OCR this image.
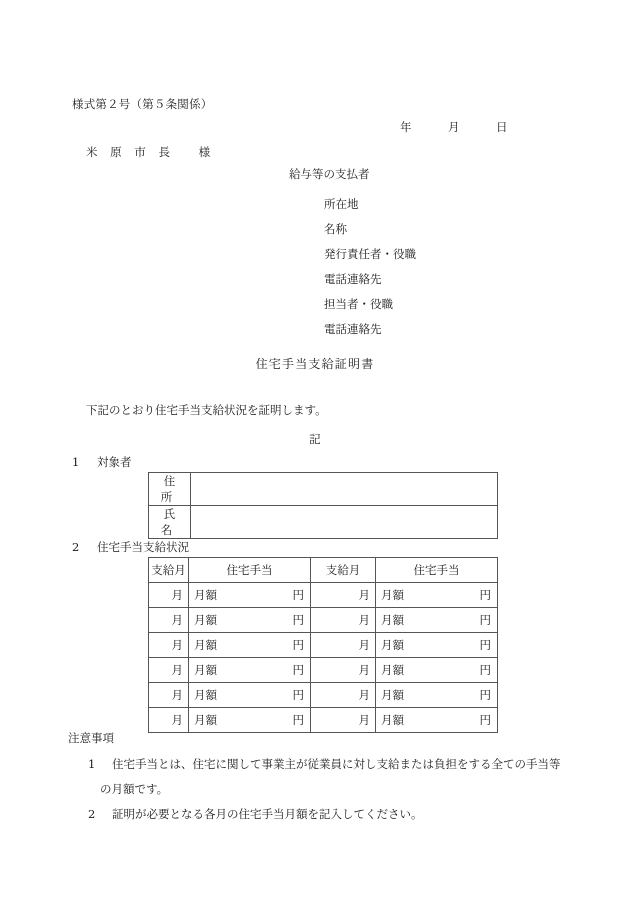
様式第２号（第５条関係）
年　　　月　　　日
米 原 市 長 　様
給与等の支払者
所在地
名称
発行責任者・役職
電話連絡先
担当者・役職
電話連絡先
住宅手当支給証明書
下記のとおり住宅手当支給状況を証明します。
記
1 対象者
住　所	
氏　名	
2 住宅手当支給状況
支給月	住宅手当	支給月	住宅手当
月	月額 円	月	月額 円

月	月額 円	月	月額 円

月	月額 円	月	月額 円

月	月額 円	月	月額 円

月	月額 円	月	月額 円

月	月額 円	月	月額 円
注意事項
1 住宅手当とは、住宅に関して事業主が従業員に対し支給または負担をする全ての手当等
の月額です。
2 証明が必要となる各月の住宅手当月額を記入してください。
